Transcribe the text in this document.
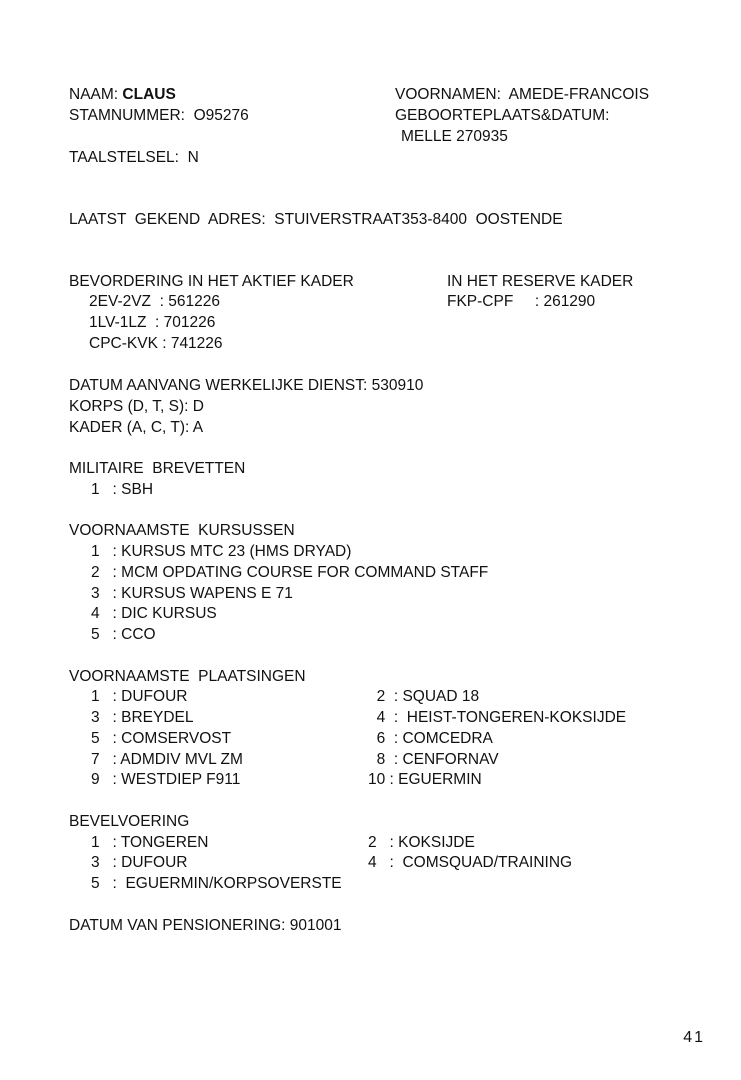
NAAM: CLAUS	VOORNAMEN:  AMEDE-FRANCOIS
STAMNUMMER:  O95276	GEBOORTEPLAATS&DATUM:
MELLE 270935
TAALSTELSEL:  N
LAATST  GEKEND  ADRES:  STUIVERSTRAAT353-8400  OOSTENDE
BEVORDERING IN HET AKTIEF KADER
2EV-2VZ  : 561226
1LV-1LZ  : 701226
CPC-KVK : 741226
IN HET RESERVE KADER
FKP-CPF     : 261290
DATUM AANVANG WERKELIJKE DIENST: 530910
KORPS (D, T, S): D
KADER (A, C, T): A
MILITAIRE  BREVETTEN
1   : SBH
VOORNAAMSTE  KURSUSSEN
1   : KURSUS MTC 23 (HMS DRYAD)
2   : MCM OPDATING COURSE FOR COMMAND STAFF
3   : KURSUS WAPENS E 71
4   : DIC KURSUS
5   : CCO
VOORNAAMSTE  PLAATSINGEN
1   : DUFOUR
3   : BREYDEL
5   : COMSERVOST
7   : ADMDIV MVL ZM
9   : WESTDIEP F911
2  : SQUAD 18
4  :  HEIST-TONGEREN-KOKSIJDE
6  : COMCEDRA
8  : CENFORNAV
10 : EGUERMIN
BEVELVOERING
1   : TONGEREN
3   : DUFOUR
5   :  EGUERMIN/KORPSOVERSTE
2   : KOKSIJDE
4   :  COMSQUAD/TRAINING
DATUM VAN PENSIONERING: 901001
41
